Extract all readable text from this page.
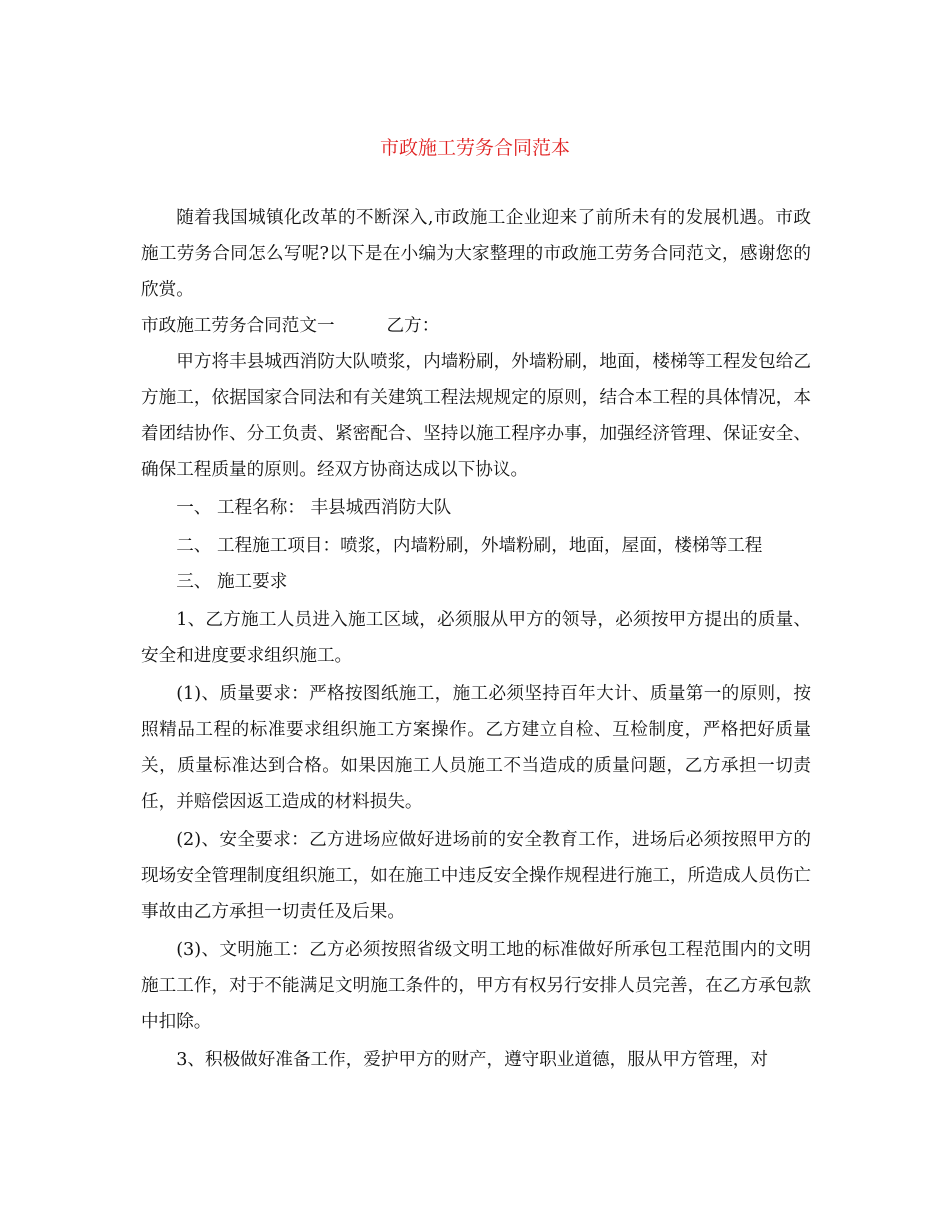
市政施工劳务合同范本

随着我国城镇化改革的不断深入,市政施工企业迎来了前所未有的发展机遇。市政施工劳务合同怎么写呢?以下是在小编为大家整理的市政施工劳务合同范文，感谢您的欣赏。

市政施工劳务合同范文一	乙方：

甲方将丰县城西消防大队喷浆，内墙粉刷，外墙粉刷，地面，楼梯等工程发包给乙方施工，依据国家合同法和有关建筑工程法规规定的原则，结合本工程的具体情况，本着团结协作、分工负责、紧密配合、坚持以施工程序办事，加强经济管理、保证安全、确保工程质量的原则。经双方协商达成以下协议。

一、 工程名称： 丰县城西消防大队

二、 工程施工项目：喷浆，内墙粉刷，外墙粉刷，地面，屋面，楼梯等工程

三、 施工要求

1、乙方施工人员进入施工区域，必须服从甲方的领导，必须按甲方提出的质量、安全和进度要求组织施工。

(1)、质量要求：严格按图纸施工，施工必须坚持百年大计、质量第一的原则，按照精品工程的标准要求组织施工方案操作。乙方建立自检、互检制度，严格把好质量关，质量标准达到合格。如果因施工人员施工不当造成的质量问题，乙方承担一切责任，并赔偿因返工造成的材料损失。

(2)、安全要求：乙方进场应做好进场前的安全教育工作，进场后必须按照甲方的现场安全管理制度组织施工，如在施工中违反安全操作规程进行施工，所造成人员伤亡事故由乙方承担一切责任及后果。

(3)、文明施工：乙方必须按照省级文明工地的标准做好所承包工程范围内的文明施工工作，对于不能满足文明施工条件的，甲方有权另行安排人员完善，在乙方承包款中扣除。

3、积极做好准备工作，爱护甲方的财产，遵守职业道德，服从甲方管理，对
